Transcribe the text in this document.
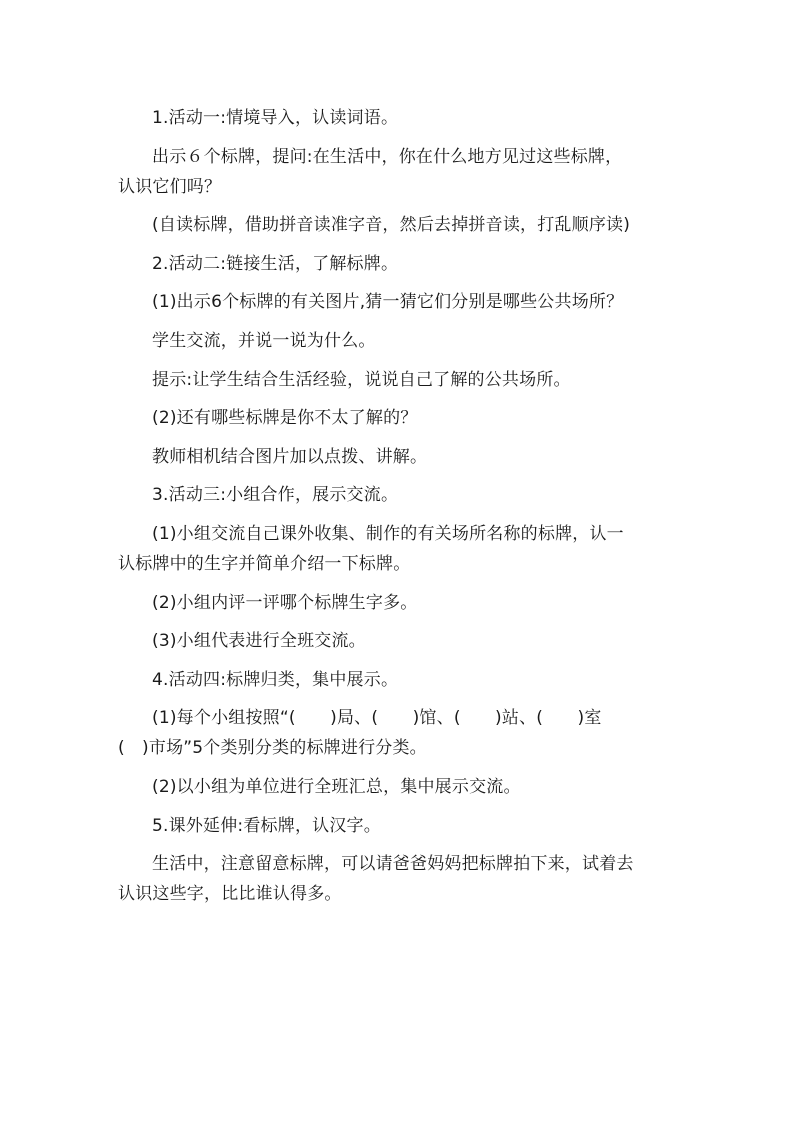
1.活动一:情境导入，认读词语。

出示６个标牌，提问:在生活中，你在什么地方见过这些标牌，
认识它们吗？

(自读标牌，借助拼音读准字音，然后去掉拼音读，打乱顺序读)

2.活动二:链接生活，了解标牌。

(1)出示6个标牌的有关图片,猜一猜它们分别是哪些公共场所？

学生交流，并说一说为什么。

提示:让学生结合生活经验，说说自己了解的公共场所。

(2)还有哪些标牌是你不太了解的？

教师相机结合图片加以点拨、讲解。

3.活动三:小组合作，展示交流。

(1)小组交流自己课外收集、制作的有关场所名称的标牌，认一
认标牌中的生字并简单介绍一下标牌。

(2)小组内评一评哪个标牌生字多。

(3)小组代表进行全班交流。

4.活动四:标牌归类，集中展示。

(1)每个小组按照“(　　)局、(　　)馆、(　　)站、(　　)室
(　)市场”5个类别分类的标牌进行分类。

(2)以小组为单位进行全班汇总，集中展示交流。

5.课外延伸:看标牌，认汉字。

生活中，注意留意标牌，可以请爸爸妈妈把标牌拍下来，试着去
认识这些字，比比谁认得多。
